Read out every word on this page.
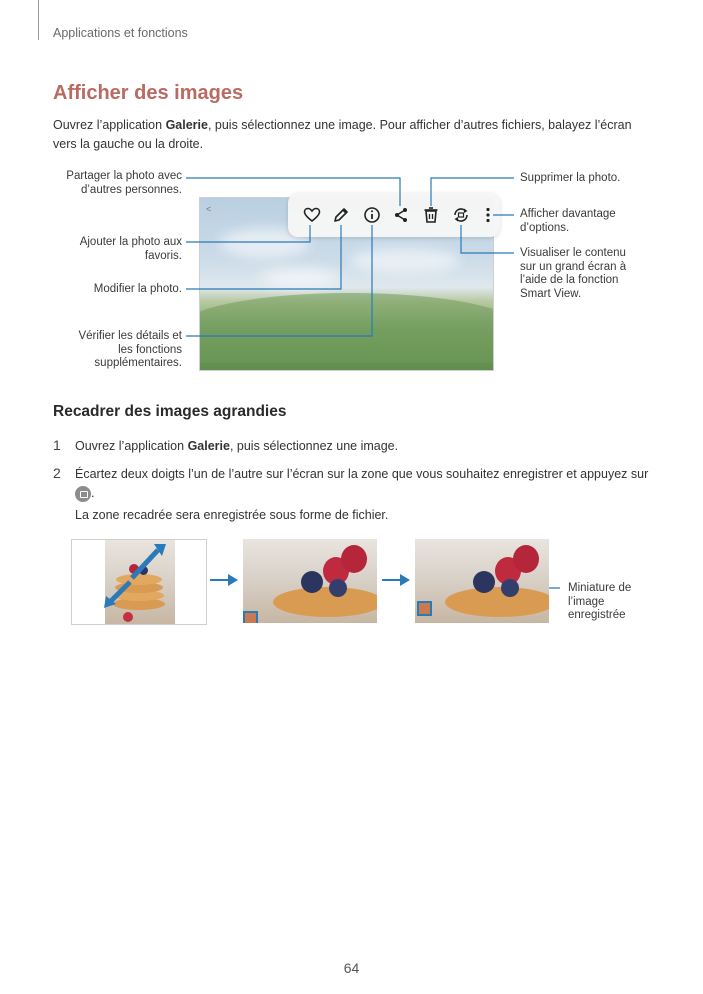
Applications et fonctions
Afficher des images

Ouvrez l’application Galerie, puis sélectionnez une image. Pour afficher d’autres fichiers, balayez l’écran vers la gauche ou la droite.

<
Partager la photo avec d’autres personnes.
Ajouter la photo aux favoris.
Modifier la photo.
Vérifier les détails et les fonctions supplémentaires.
Supprimer la photo.
Afficher davantage d’options.
Visualiser le contenu sur un grand écran à l’aide de la fonction Smart View.
Recadrer des images agrandies
1 Ouvrez l’application Galerie, puis sélectionnez une image.
2 Écartez deux doigts l’un de l’autre sur l’écran sur la zone que vous souhaitez enregistrer et appuyez sur
.
La zone recadrée sera enregistrée sous forme de fichier.
Miniature de l’image enregistrée
64
